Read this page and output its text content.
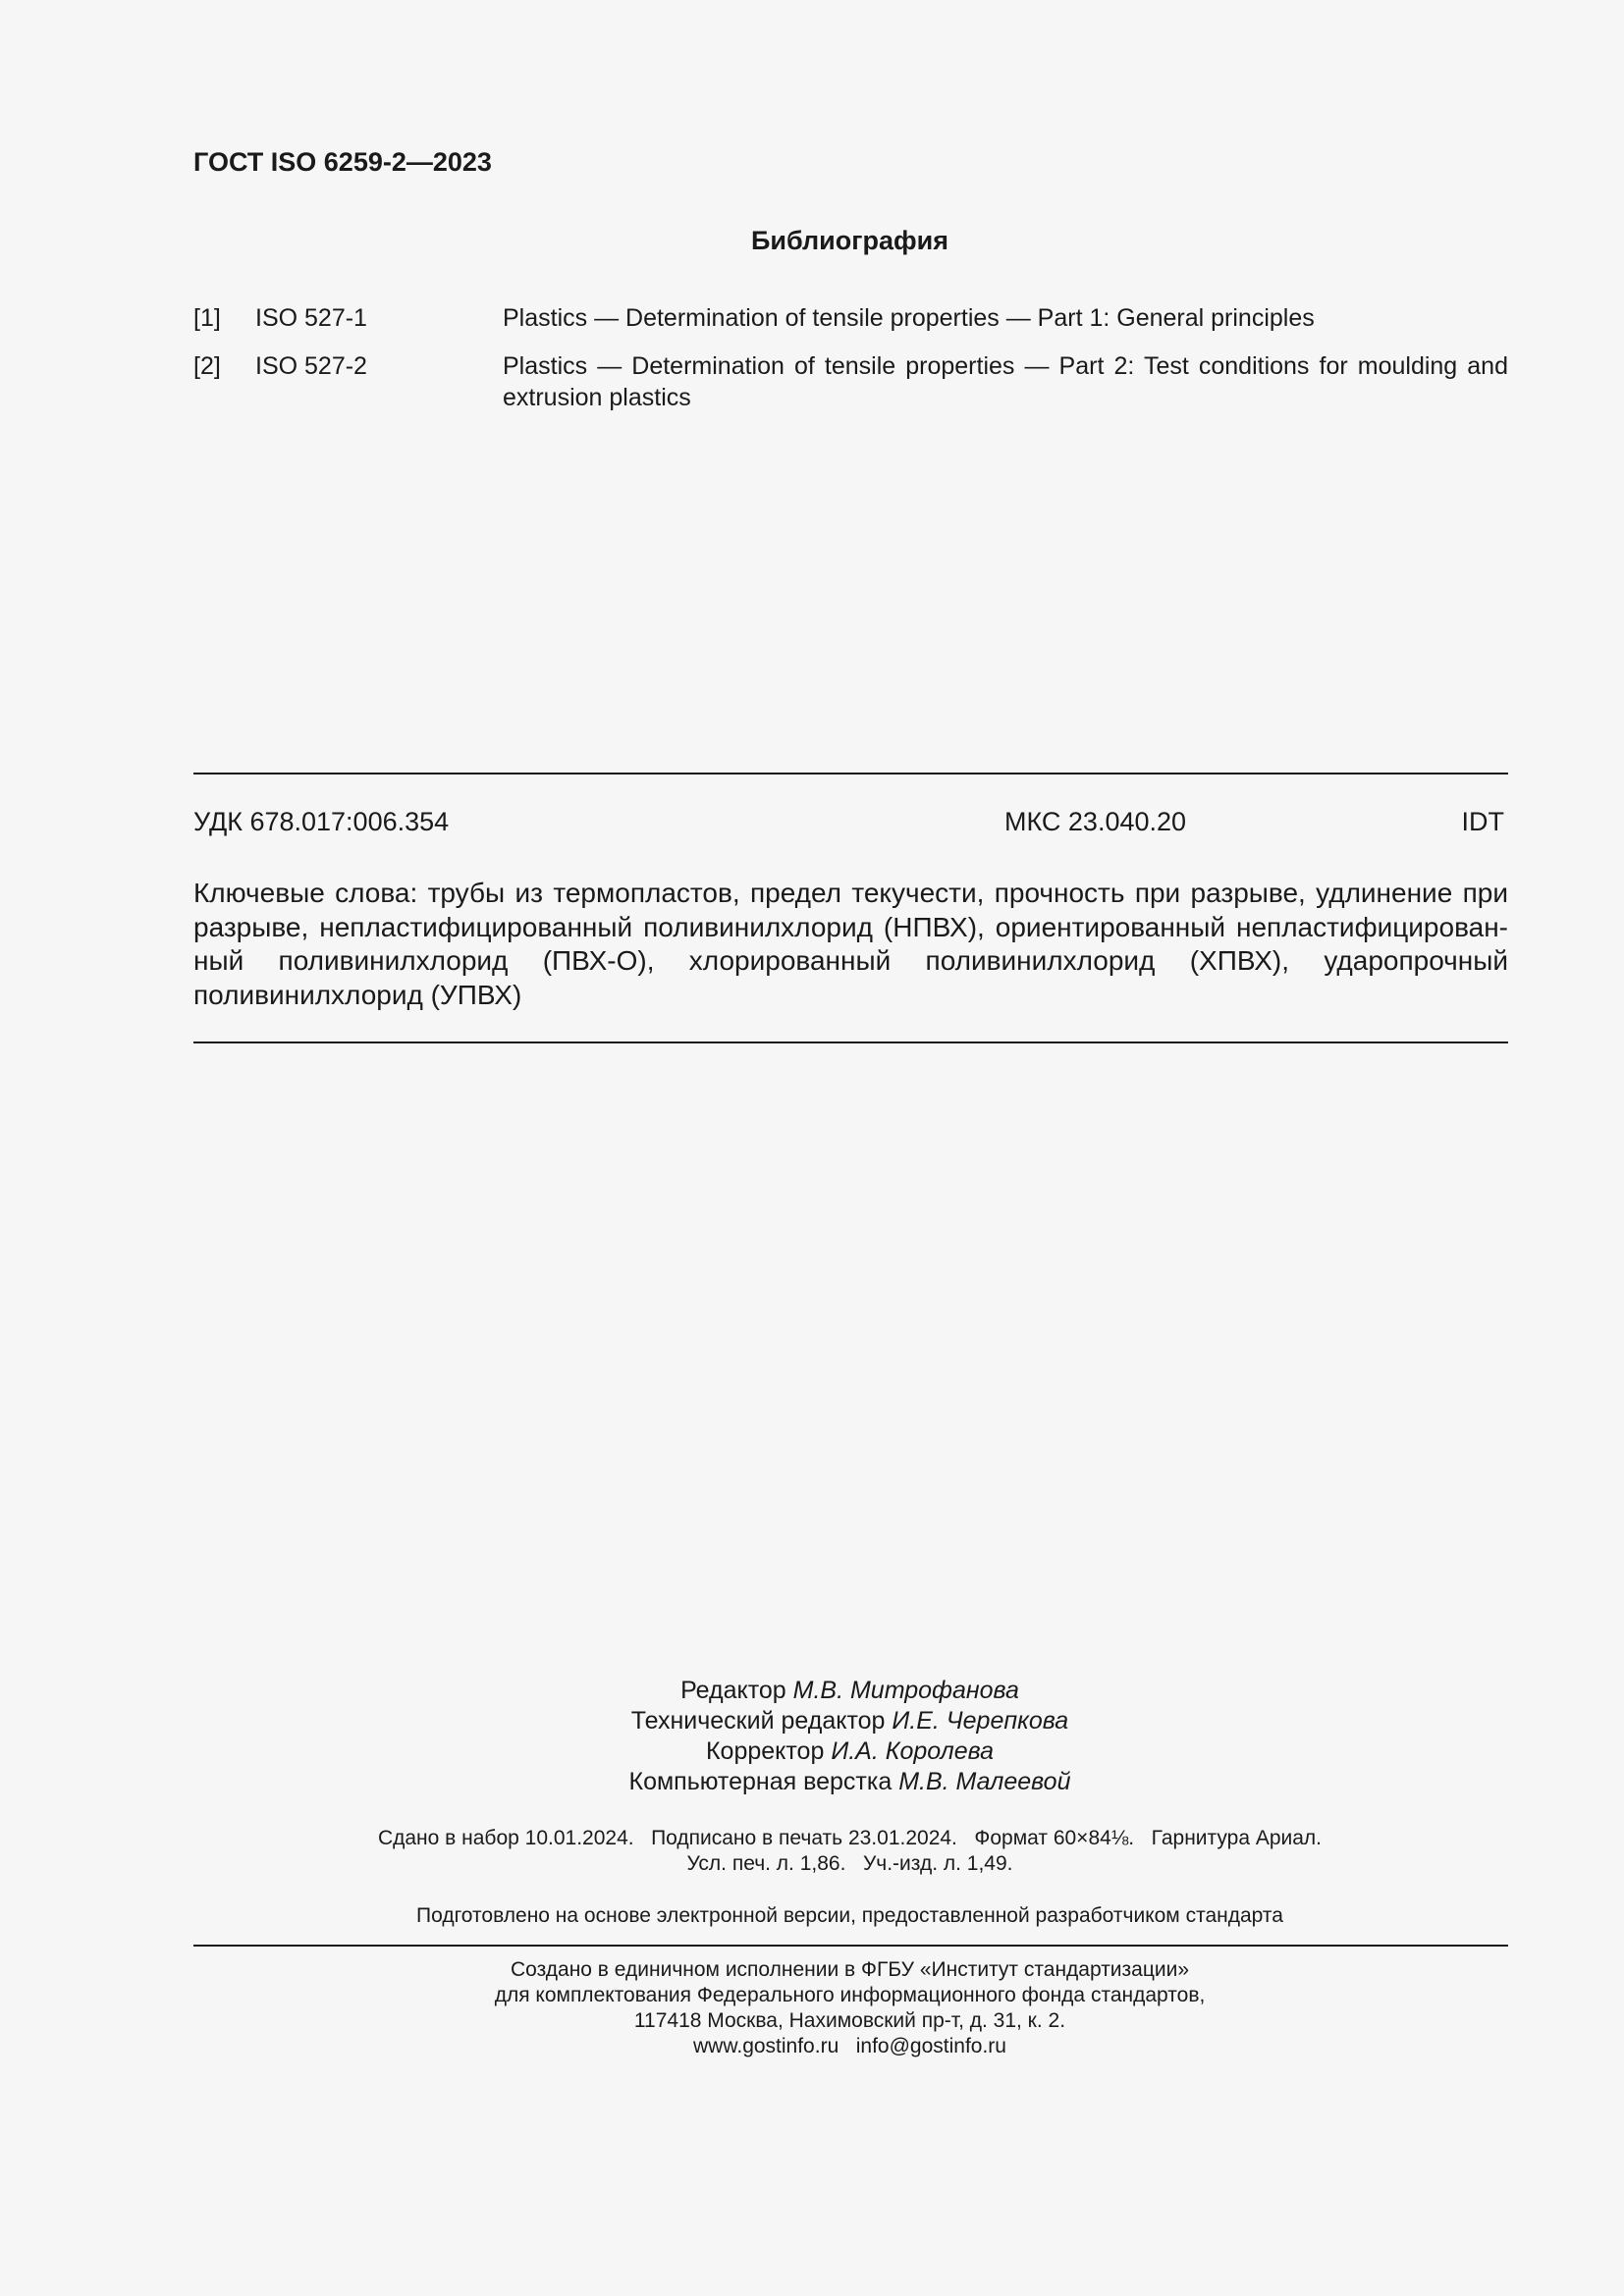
ГОСТ ISO 6259-2—2023
Библиография
[1] ISO 527-1	Plastics — Determination of tensile properties — Part 1: General principles
[2] ISO 527-2	Plastics — Determination of tensile properties — Part 2: Test conditions for moulding and extrusion plastics
УДК 678.017:006.354	МКС 23.040.20	IDT
Ключевые слова: трубы из термопластов, предел текучести, прочность при разрыве, удлинение при разрыве, непластифицированный поливинилхлорид (НПВХ), ориентированный непластифицированный поливинилхлорид (ПВХ-О), хлорированный поливинилхлорид (ХПВХ), ударопрочный поливинилхлорид (УПВХ)
Редактор М.В. Митрофанова
Технический редактор И.Е. Черепкова
Корректор И.А. Королева
Компьютерная верстка М.В. Малеевой
Сдано в набор 10.01.2024.   Подписано в печать 23.01.2024.   Формат 60×84⅛.   Гарнитура Ариал.
Усл. печ. л. 1,86.   Уч.-изд. л. 1,49.
Подготовлено на основе электронной версии, предоставленной разработчиком стандарта
Создано в единичном исполнении в ФГБУ «Институт стандартизации»
для комплектования Федерального информационного фонда стандартов,
117418 Москва, Нахимовский пр-т, д. 31, к. 2.
www.gostinfo.ru   info@gostinfo.ru
